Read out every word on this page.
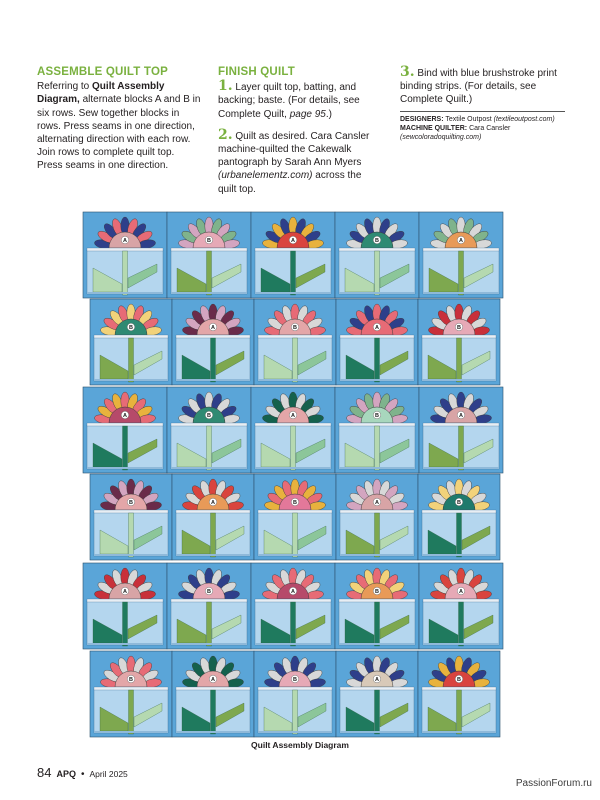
ASSEMBLE QUILT TOP

Referring to Quilt Assembly Diagram, alternate blocks A and B in six rows. Sew together blocks in rows. Press seams in one direction, alternating direction with each row. Join rows to complete quilt top. Press seams in one direction.

FINISH QUILT

1. Layer quilt top, batting, and backing; baste. (For details, see Complete Quilt, page 95.)

2. Quilt as desired. Cara Cansler machine-quilted the Cakewalk pantograph by Sarah Ann Myers (urbanelementz.com) across the quilt top.

3. Bind with blue brushstroke print binding strips. (For details, see Complete Quilt.)

DESIGNERS: Textile Outpost (textileoutpost.com)
MACHINE QUILTER: Cara Cansler
(sewcoloradoquilting.com)
A	B	A	B	A
B	A	B	A	B
A	B	A	B	A
B	A	B	A	B
A	B	A	B	A
B	A	B	A	B
Quilt Assembly Diagram
84 APQ • April 2025
PassionForum.ru
